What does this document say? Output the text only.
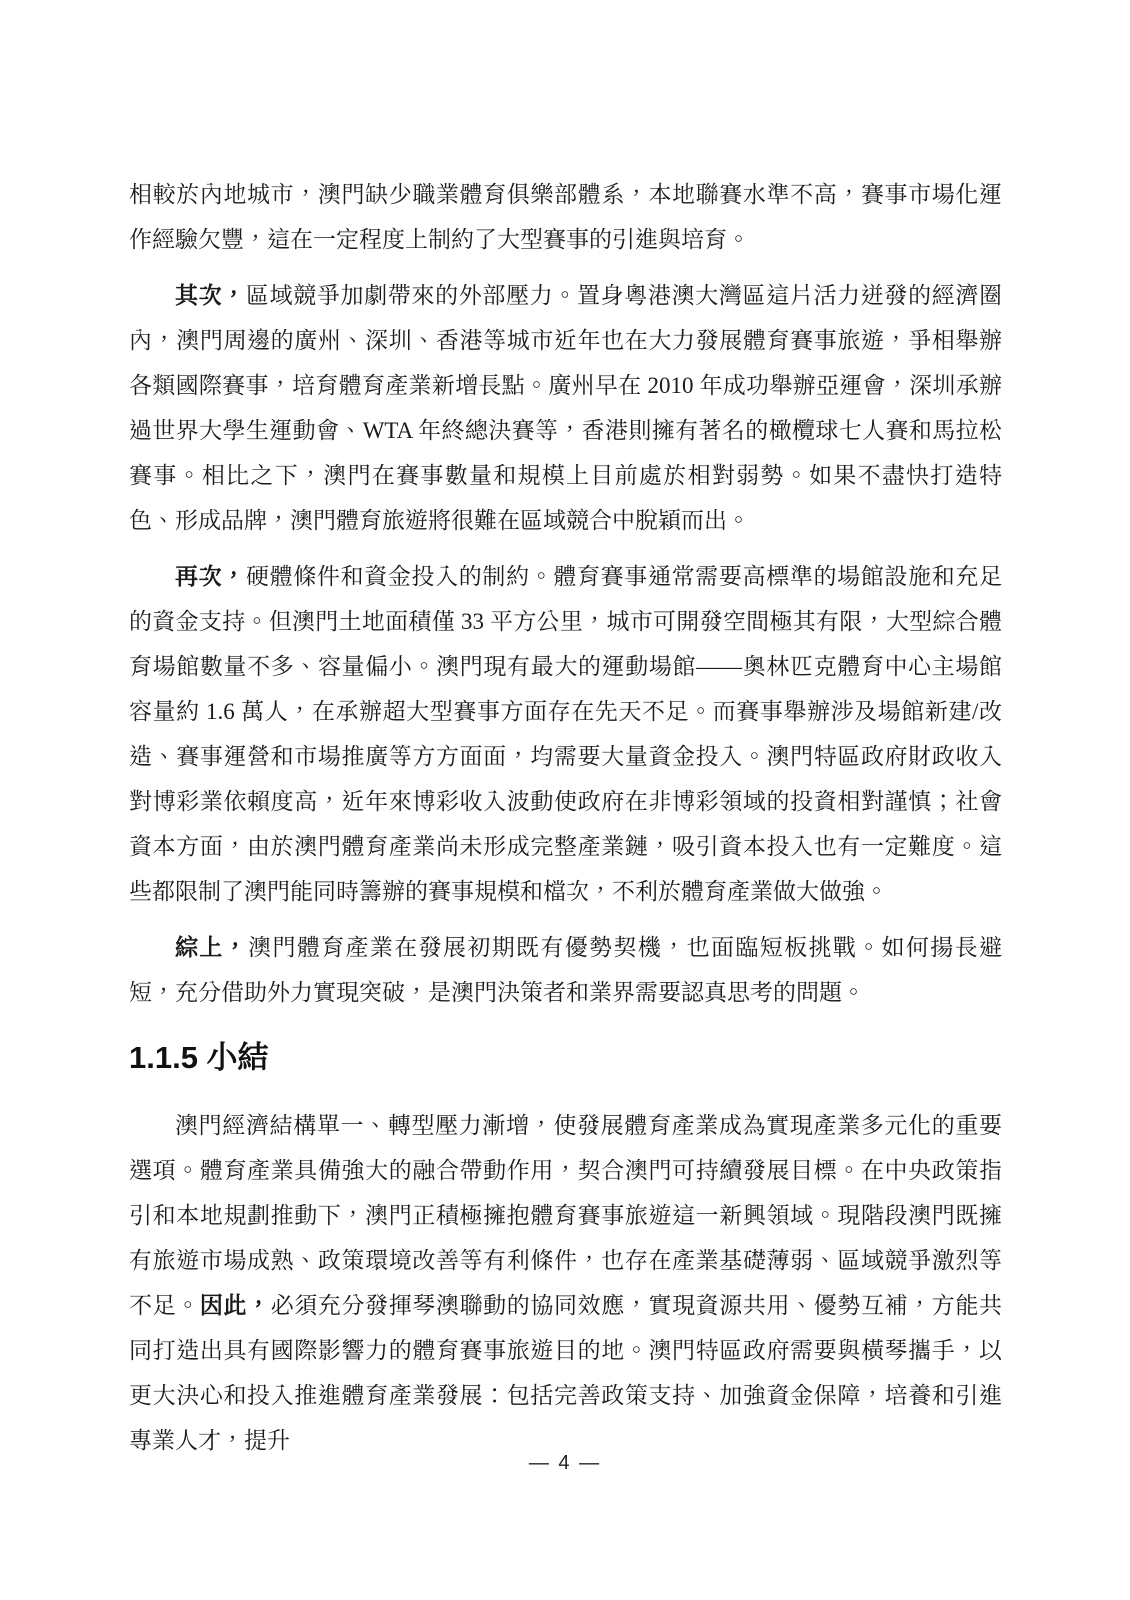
相較於內地城市，澳門缺少職業體育俱樂部體系，本地聯賽水準不高，賽事市場化運作經驗欠豐，這在一定程度上制約了大型賽事的引進與培育。

其次，區域競爭加劇帶來的外部壓力。置身粵港澳大灣區這片活力迸發的經濟圈內，澳門周邊的廣州、深圳、香港等城市近年也在大力發展體育賽事旅遊，爭相舉辦各類國際賽事，培育體育產業新增長點。廣州早在 2010 年成功舉辦亞運會，深圳承辦過世界大學生運動會、WTA 年終總決賽等，香港則擁有著名的橄欖球七人賽和馬拉松賽事。相比之下，澳門在賽事數量和規模上目前處於相對弱勢。如果不盡快打造特色、形成品牌，澳門體育旅遊將很難在區域競合中脫穎而出。

再次，硬體條件和資金投入的制約。體育賽事通常需要高標準的場館設施和充足的資金支持。但澳門土地面積僅 33 平方公里，城市可開發空間極其有限，大型綜合體育場館數量不多、容量偏小。澳門現有最大的運動場館——奧林匹克體育中心主場館容量約 1.6 萬人，在承辦超大型賽事方面存在先天不足。而賽事舉辦涉及場館新建/改造、賽事運營和市場推廣等方方面面，均需要大量資金投入。澳門特區政府財政收入對博彩業依賴度高，近年來博彩收入波動使政府在非博彩領域的投資相對謹慎；社會資本方面，由於澳門體育產業尚未形成完整產業鏈，吸引資本投入也有一定難度。這些都限制了澳門能同時籌辦的賽事規模和檔次，不利於體育產業做大做強。

綜上，澳門體育產業在發展初期既有優勢契機，也面臨短板挑戰。如何揚長避短，充分借助外力實現突破，是澳門決策者和業界需要認真思考的問題。

1.1.5 小結

澳門經濟結構單一、轉型壓力漸增，使發展體育產業成為實現產業多元化的重要選項。體育產業具備強大的融合帶動作用，契合澳門可持續發展目標。在中央政策指引和本地規劃推動下，澳門正積極擁抱體育賽事旅遊這一新興領域。現階段澳門既擁有旅遊市場成熟、政策環境改善等有利條件，也存在產業基礎薄弱、區域競爭激烈等不足。因此，必須充分發揮琴澳聯動的協同效應，實現資源共用、優勢互補，方能共同打造出具有國際影響力的體育賽事旅遊目的地。澳門特區政府需要與橫琴攜手，以更大決心和投入推進體育產業發展：包括完善政策支持、加強資金保障，培養和引進專業人才，提升

— 4 —
